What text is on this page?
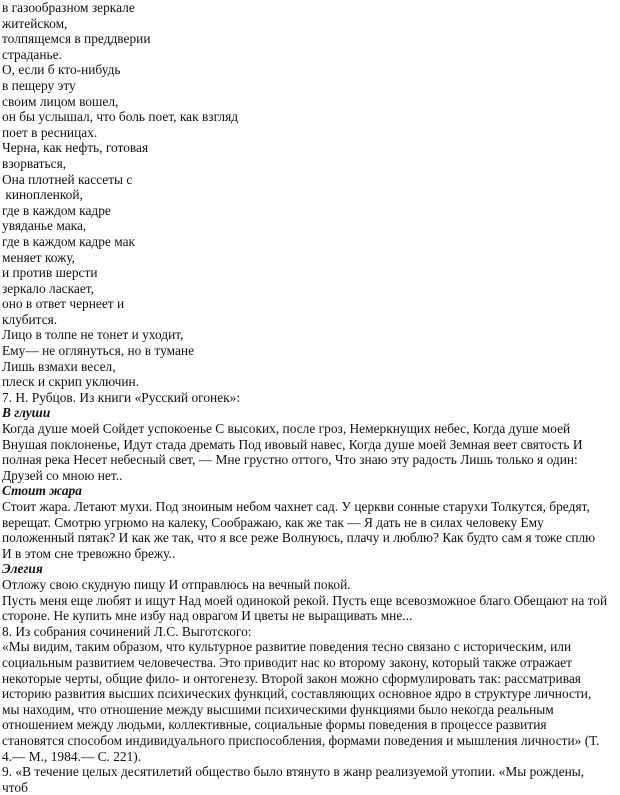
в газообразном зеркале
житейском,
толпящемся в преддверии
страданье.
О, если б кто-нибудь
в пещеру эту
своим лицом вошел,
он бы услышал, что боль поет, как взгляд
поет в ресницах.
Черна, как нефть, готовая
взорваться,
Она плотней кассеты с
кинопленкой,
где в каждом кадре
увяданье мака,
где в каждом кадре мак
меняет кожу,
и против шерсти
зеркало ласкает,
оно в ответ чернеет и
клубится.
Лицо в толпе не тонет и уходит,
Ему— не оглянуться, но в тумане
Лишь взмахи весел,
плеск и скрип уключин.
7. Н. Рубцов. Из книги «Русский огонек»:
В глуши
Когда душе моей Сойдет успокоенье С высоких, после гроз, Немеркнущих небес, Когда душе моей Внушая поклоненье, Идут стада дремать Под ивовый навес, Когда душе моей Земная веет святость И полная река Несет небесный свет, — Мне грустно оттого, Что знаю эту радость Лишь только я один:
Друзей со мною нет..
Стоит жара
Стоит жара. Летают мухи. Под зноиным небом чахнет сад. У церкви сонные старухи Толкутся, бредят, верещат. Смотрю угрюмо на калеку, Соображаю, как же так — Я дать не в силах человеку Ему положенный пятак? И как же так, что я все реже Волнуюсь, плачу и люблю? Как будто сам я тоже сплю И в этом сне тревожно брежу..
Элегия
Отложу свою скудную пищу И отправлюсь на вечный покой.
Пусть меня еще любят и ищут Над моей одинокой рекой. Пусть еще всевозможное благо Обещают на той стороне. Не купить мне избу над оврагом И цветы не выращивать мне...
8. Из собрания сочинений Л.С. Выготского:
«Мы видим, таким образом, что культурное развитие поведения тесно связано с историческим, или социальным развитием человечества. Это приводит нас ко второму закону, который также отражает некоторые черты, общие фило- и онтогенезу. Второй закон можно сформулировать так: рассматривая историю развития высших психических функций, составляющих основное ядро в структуре личности, мы находим, что отношение между высшими психическими функциями было некогда реальным отношением между людьми, коллективные, социальные формы поведения в процессе развития становятся способом индивидуального приспособления, формами поведения и мышления личности» (Т. 4.— М., 1984.— С. 221).
9. «В течение целых десятилетий общество было втянуто в жанр реализуемой утопии. «Мы рождены, чтоб
